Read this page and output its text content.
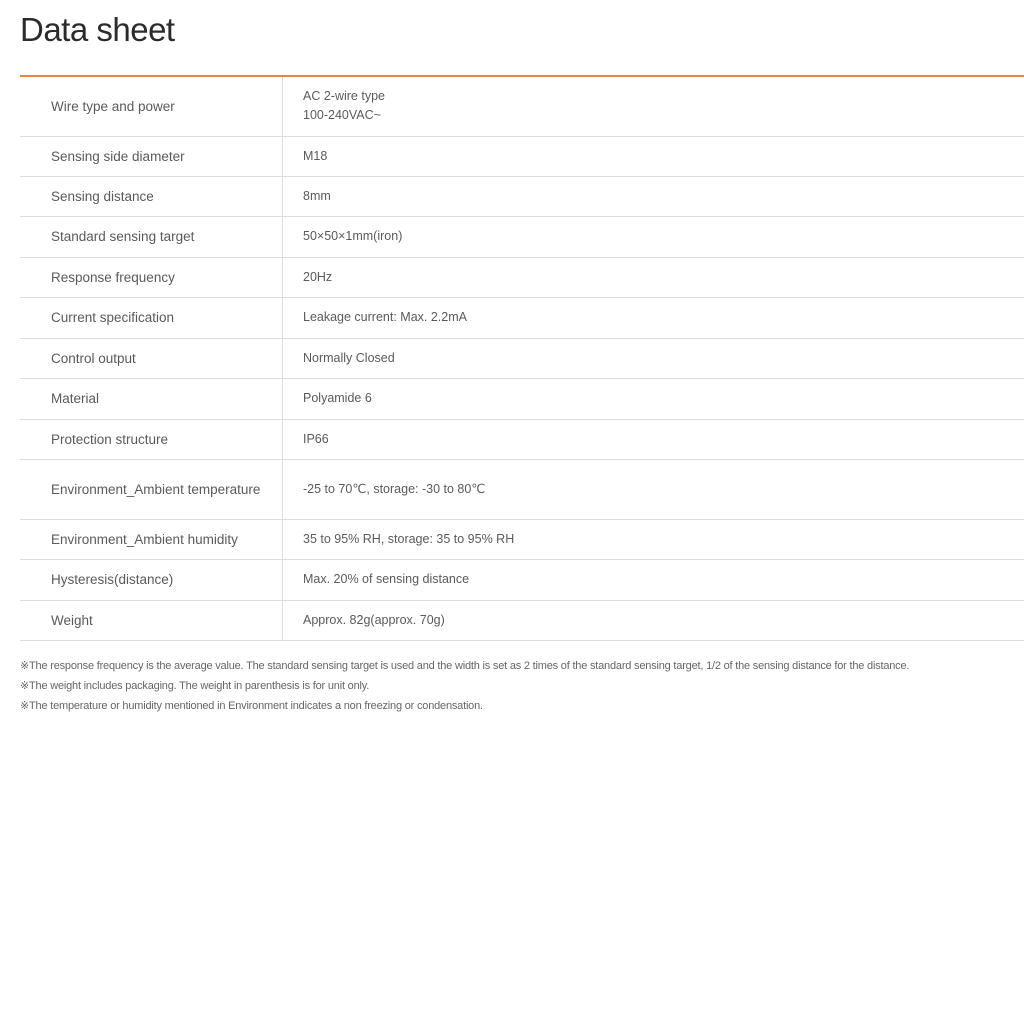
Data sheet
Wire type and power	AC 2-wire type
100-240VAC~

Sensing side diameter	M18

Sensing distance	8mm

Standard sensing target	50×50×1mm(iron)

Response frequency	20Hz

Current specification	Leakage current: Max. 2.2mA

Control output	Normally Closed

Material	Polyamide 6

Protection structure	IP66

Environment_Ambient temperature	-25 to 70℃, storage: -30 to 80℃

Environment_Ambient humidity	35 to 95% RH, storage: 35 to 95% RH

Hysteresis(distance)	Max. 20% of sensing distance

Weight	Approx. 82g(approx. 70g)
※The response frequency is the average value. The standard sensing target is used and the width is set as 2 times of the standard sensing target, 1/2 of the sensing distance for the distance.
※The weight includes packaging. The weight in parenthesis is for unit only.
※The temperature or humidity mentioned in Environment indicates a non freezing or condensation.
